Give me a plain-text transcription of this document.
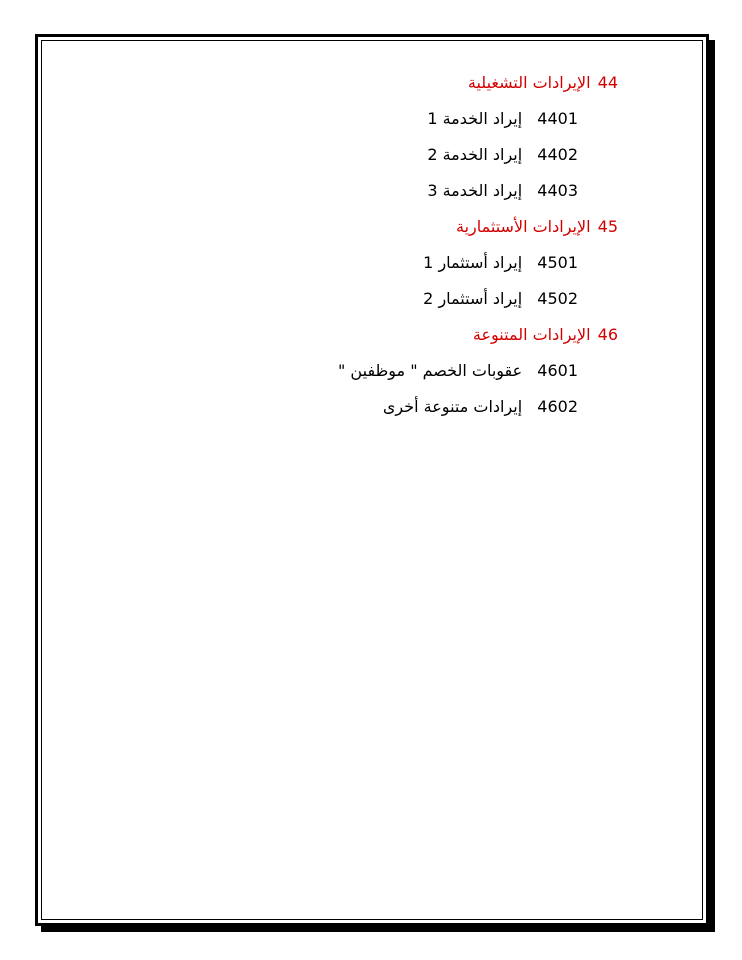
44 الإيرادات التشغيلية
4401 إيراد الخدمة 1
4402 إيراد الخدمة 2
4403 إيراد الخدمة 3
45 الإيرادات الأستثمارية
4501 إيراد أستثمار 1
4502 إيراد أستثمار 2
46 الإيرادات المتنوعة
4601 عقوبات الخصم " موظفين "
4602 إيرادات متنوعة أخرى
